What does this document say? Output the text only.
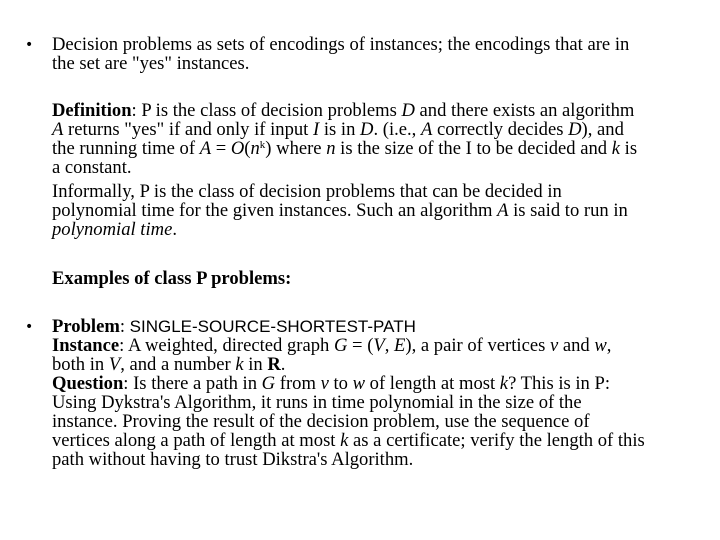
•	Decision problems as sets of encodings of instances; the encodings that are in
the set are "yes" instances.
Definition: P is the class of decision problems D and there exists an algorithm
A returns "yes" if and only if input I is in D. (i.e., A correctly decides D), and
the running time of $A = O(n^k)$ where n is the size of the I to be decided and k is
a constant.
Informally, P is the class of decision problems that can be decided in
polynomial time for the given instances. Such an algorithm A is said to run in
polynomial time.
Examples of class P problems:
•	Problem: SINGLE-SOURCE-SHORTEST-PATH
Instance: A weighted, directed graph G = (V, E), a pair of vertices v and w,
both in V, and a number k in R.
Question: Is there a path in G from v to w of length at most k? This is in P:
Using Dykstra's Algorithm, it runs in time polynomial in the size of the
instance. Proving the result of the decision problem, use the sequence of
vertices along a path of length at most k as a certificate; verify the length of this
path without having to trust Dikstra's Algorithm.
